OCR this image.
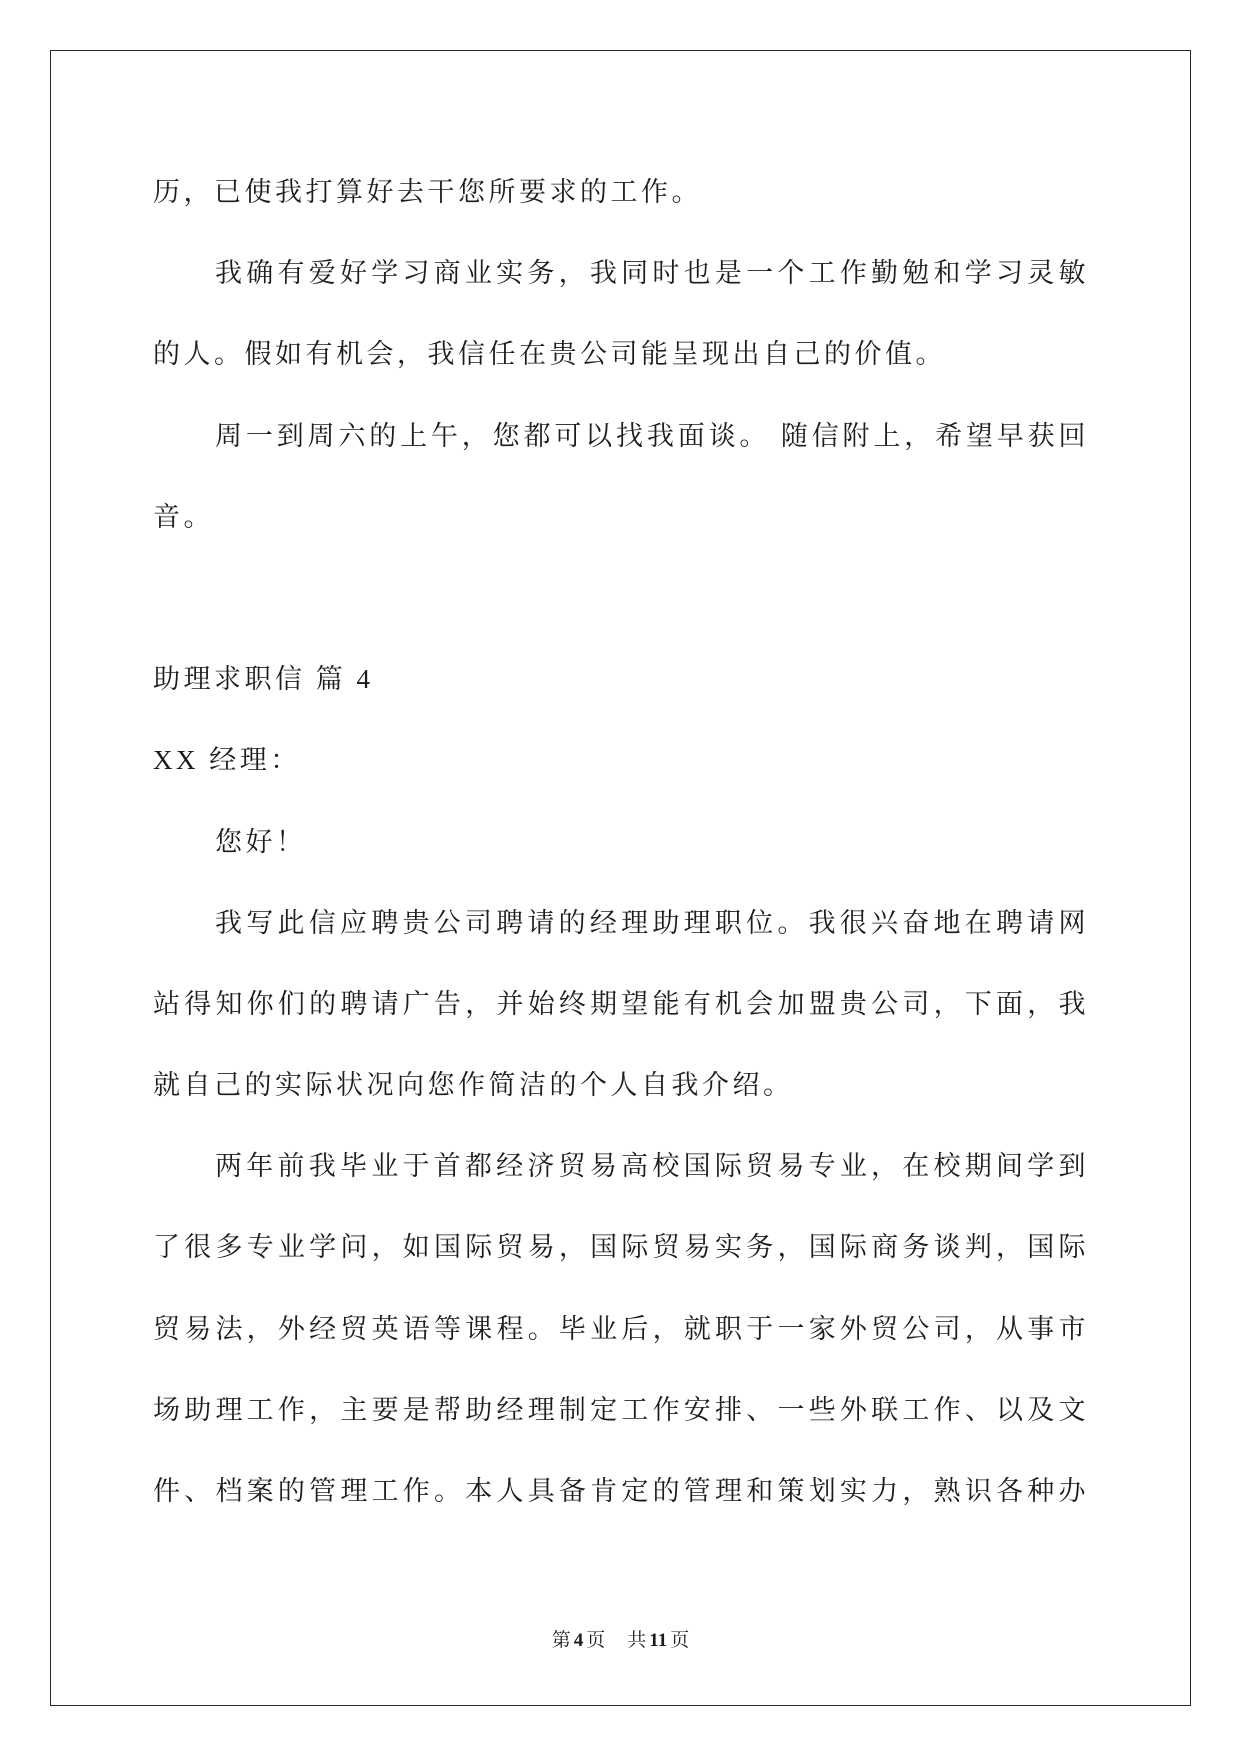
历，已使我打算好去干您所要求的工作。
我确有爱好学习商业实务，我同时也是一个工作勤勉和学习灵敏
的人。假如有机会，我信任在贵公司能呈现出自己的价值。
周一到周六的上午，您都可以找我面谈。 随信附上，希望早获回
音。
助理求职信 篇 4
XX 经理：
您好！
我写此信应聘贵公司聘请的经理助理职位。我很兴奋地在聘请网
站得知你们的聘请广告，并始终期望能有机会加盟贵公司，下面，我
就自己的实际状况向您作简洁的个人自我介绍。
两年前我毕业于首都经济贸易高校国际贸易专业，在校期间学到
了很多专业学问，如国际贸易，国际贸易实务，国际商务谈判，国际
贸易法，外经贸英语等课程。毕业后，就职于一家外贸公司，从事市
场助理工作，主要是帮助经理制定工作安排、一些外联工作、以及文
件、档案的管理工作。本人具备肯定的管理和策划实力，熟识各种办
第 4 页 共 11 页
